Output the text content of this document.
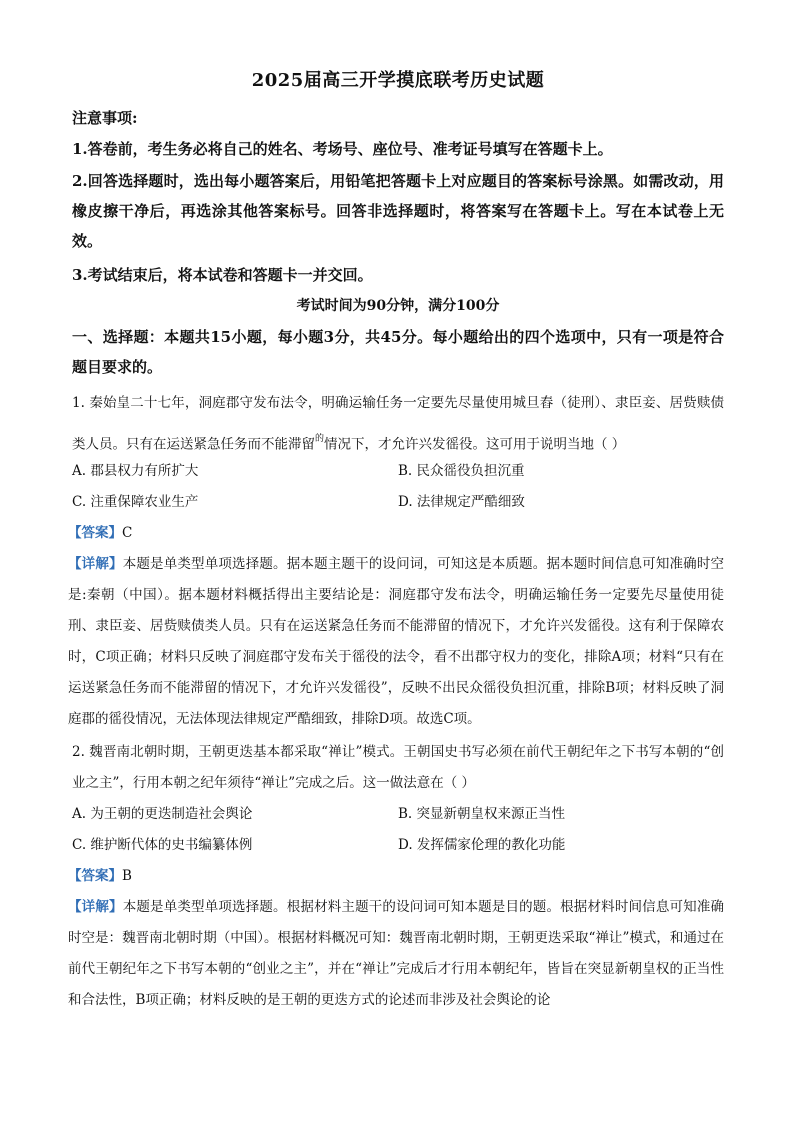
2025届高三开学摸底联考历史试题
注意事项:
1.答卷前，考生务必将自己的姓名、考场号、座位号、准考证号填写在答题卡上。
2.回答选择题时，选出每小题答案后，用铅笔把答题卡上对应题目的答案标号涂黑。如需改动，用橡皮擦干净后，再选涂其他答案标号。回答非选择题时，将答案写在答题卡上。写在本试卷上无效。
3.考试结束后，将本试卷和答题卡一并交回。
考试时间为90分钟，满分100分
一、选择题：本题共15小题，每小题3分，共45分。每小题给出的四个选项中，只有一项是符合题目要求的。
1. 秦始皇二十七年，洞庭郡守发布法令，明确运输任务一定要先尽量使用城旦舂（徒刑）、隶臣妾、居赀赎债类人员。只有在运送紧急任务而不能滞留$^的$情况下，才允许兴发徭役。这可用于说明当地（ ）
A. 郡县权力有所扩大	B. 民众徭役负担沉重
C. 注重保障农业生产	D. 法律规定严酷细致
【答案】C
【详解】本题是单类型单项选择题。据本题主题干的设问词，可知这是本质题。据本题时间信息可知准确时空是:秦朝（中国）。据本题材料概括得出主要结论是：洞庭郡守发布法令，明确运输任务一定要先尽量使用徒刑、隶臣妾、居赀赎债类人员。只有在运送紧急任务而不能滞留的情况下，才允许兴发徭役。这有利于保障农时，C项正确；材料只反映了洞庭郡守发布关于徭役的法令，看不出郡守权力的变化，排除A项；材料“只有在运送紧急任务而不能滞留的情况下，才允许兴发徭役”，反映不出民众徭役负担沉重，排除B项；材料反映了洞庭郡的徭役情况，无法体现法律规定严酷细致，排除D项。故选C项。
2. 魏晋南北朝时期，王朝更迭基本都采取“禅让”模式。王朝国史书写必须在前代王朝纪年之下书写本朝的“创业之主”，行用本朝之纪年须待“禅让”完成之后。这一做法意在（ ）
A. 为王朝的更迭制造社会舆论	B. 突显新朝皇权来源正当性
C. 维护断代体的史书编纂体例	D. 发挥儒家伦理的教化功能
【答案】B
【详解】本题是单类型单项选择题。根据材料主题干的设问词可知本题是目的题。根据材料时间信息可知准确时空是：魏晋南北朝时期（中国）。根据材料概况可知：魏晋南北朝时期，王朝更迭采取“禅让”模式，和通过在前代王朝纪年之下书写本朝的“创业之主”，并在“禅让”完成后才行用本朝纪年，皆旨在突显新朝皇权的正当性和合法性，B项正确；材料反映的是王朝的更迭方式的论述而非涉及社会舆论的论
